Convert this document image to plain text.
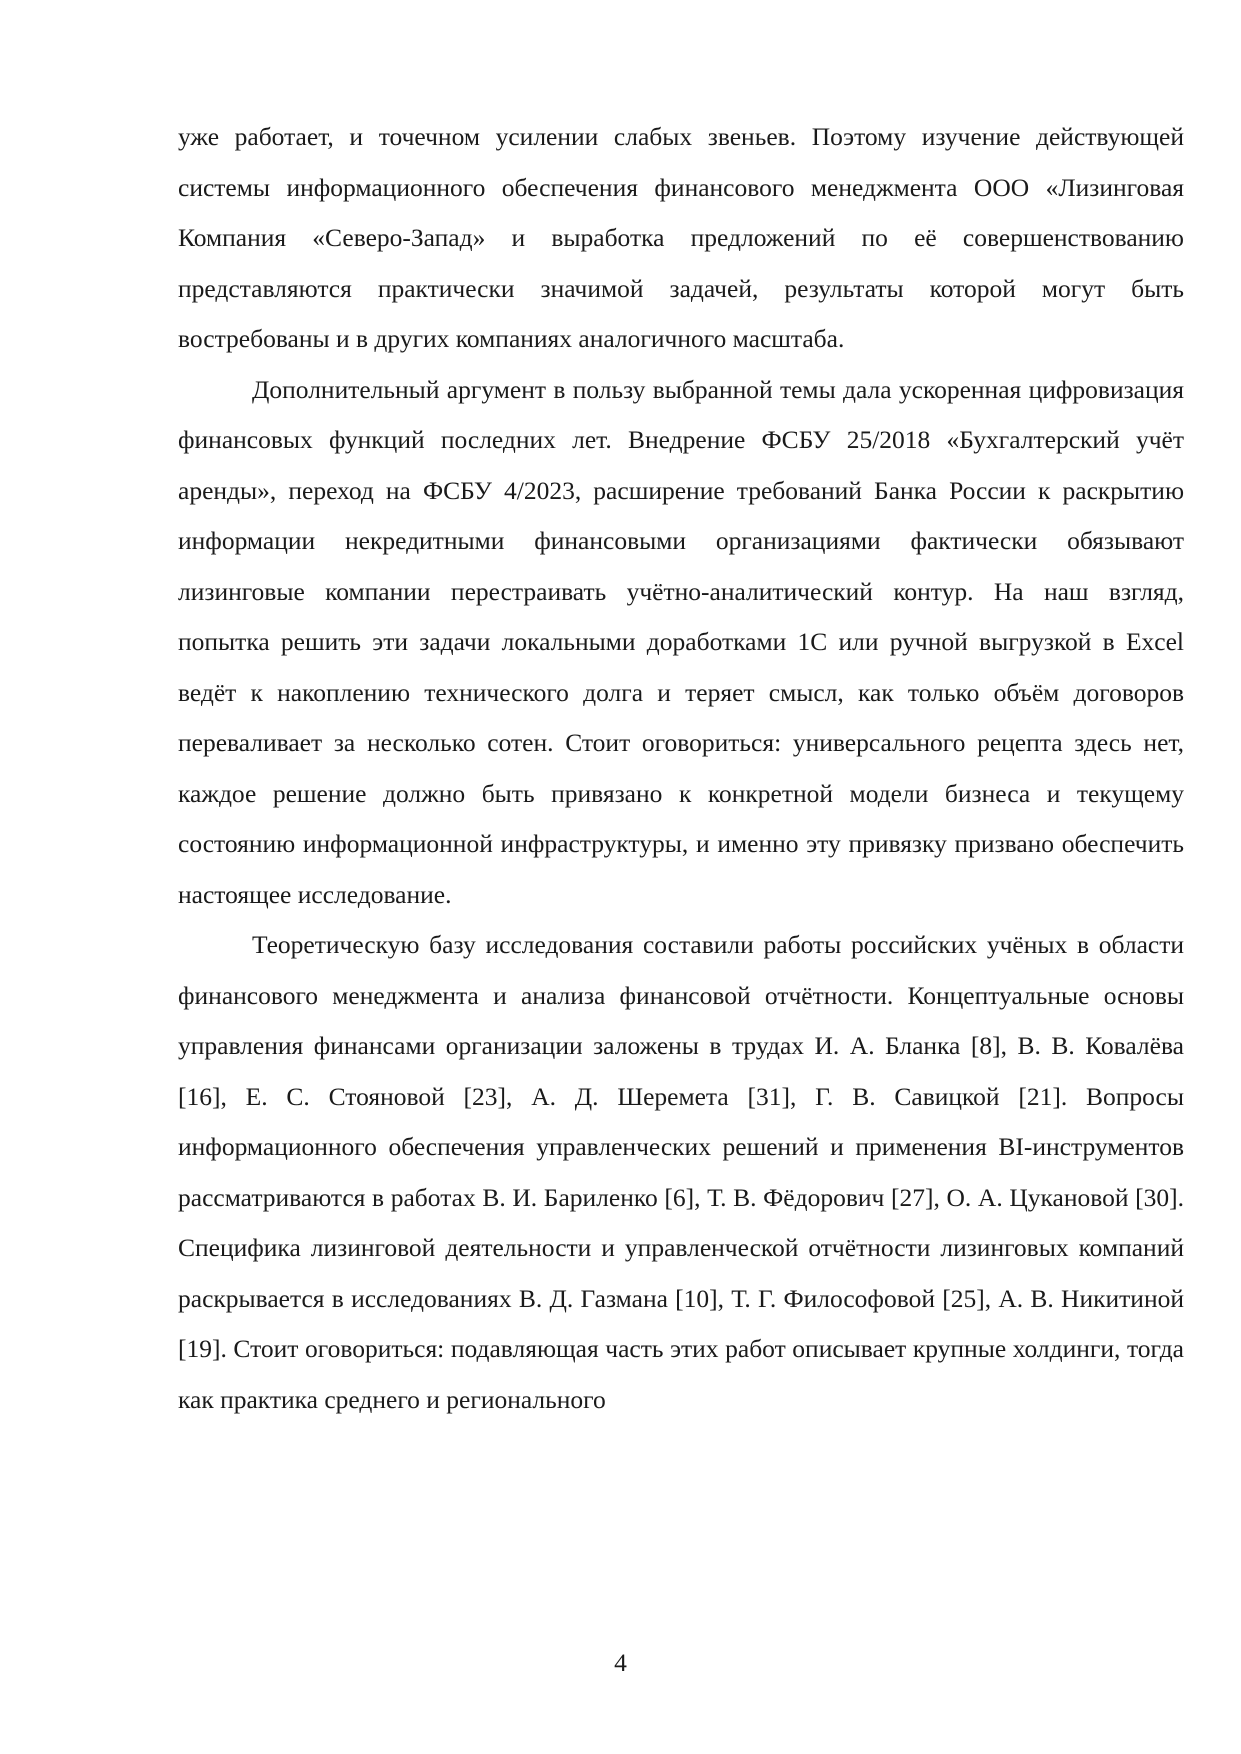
уже работает, и точечном усилении слабых звеньев. Поэтому изучение действующей системы информационного обеспечения финансового менеджмента ООО «Лизинговая Компания «Северо-Запад» и выработка предложений по её совершенствованию представляются практически значимой задачей, результаты которой могут быть востребованы и в других компаниях аналогичного масштаба.

Дополнительный аргумент в пользу выбранной темы дала ускоренная цифровизация финансовых функций последних лет. Внедрение ФСБУ 25/2018 «Бухгалтерский учёт аренды», переход на ФСБУ 4/2023, расширение требований Банка России к раскрытию информации некредитными финансовыми организациями фактически обязывают лизинговые компании перестраивать учётно-аналитический контур. На наш взгляд, попытка решить эти задачи локальными доработками 1С или ручной выгрузкой в Excel ведёт к накоплению технического долга и теряет смысл, как только объём договоров переваливает за несколько сотен. Стоит оговориться: универсального рецепта здесь нет, каждое решение должно быть привязано к конкретной модели бизнеса и текущему состоянию информационной инфраструктуры, и именно эту привязку призвано обеспечить настоящее исследование.

Теоретическую базу исследования составили работы российских учёных в области финансового менеджмента и анализа финансовой отчётности. Концептуальные основы управления финансами организации заложены в трудах И. А. Бланка [8], В. В. Ковалёва [16], Е. С. Стояновой [23], А. Д. Шеремета [31], Г. В. Савицкой [21]. Вопросы информационного обеспечения управленческих решений и применения BI-инструментов рассматриваются в работах В. И. Бариленко [6], Т. В. Фёдорович [27], О. А. Цукановой [30]. Специфика лизинговой деятельности и управленческой отчётности лизинговых компаний раскрывается в исследованиях В. Д. Газмана [10], Т. Г. Философовой [25], А. В. Никитиной [19]. Стоит оговориться: подавляющая часть этих работ описывает крупные холдинги, тогда как практика среднего и регионального

4
